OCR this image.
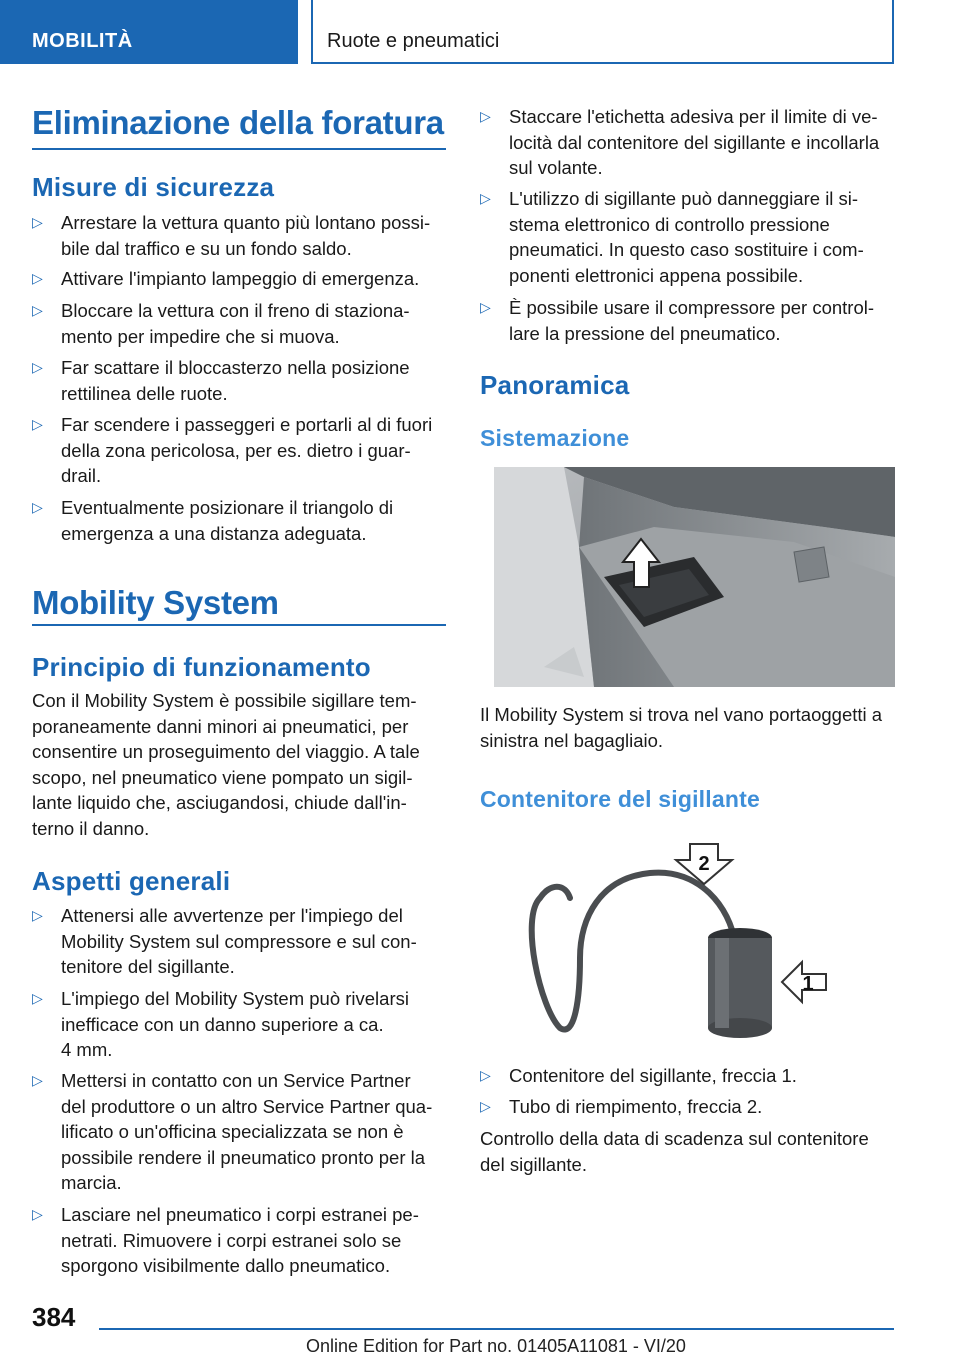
MOBILITÀ	Ruote e pneumatici
Eliminazione della foratura
Misure di sicurezza
▷ Arrestare la vettura quanto più lontano possi-
bile dal traffico e su un fondo saldo.
▷ Attivare l'impianto lampeggio di emergenza.
▷ Bloccare la vettura con il freno di staziona-
mento per impedire che si muova.
▷ Far scattare il bloccasterzo nella posizione
rettilinea delle ruote.
▷ Far scendere i passeggeri e portarli al di fuori
della zona pericolosa, per es. dietro i guar-
drail.
▷ Eventualmente posizionare il triangolo di
emergenza a una distanza adeguata.
Mobility System
Principio di funzionamento
Con il Mobility System è possibile sigillare tem-
poraneamente danni minori ai pneumatici, per
consentire un proseguimento del viaggio. A tale
scopo, nel pneumatico viene pompato un sigil-
lante liquido che, asciugandosi, chiude dall'in-
terno il danno.
Aspetti generali
▷ Attenersi alle avvertenze per l'impiego del
Mobility System sul compressore e sul con-
tenitore del sigillante.
▷ L'impiego del Mobility System può rivelarsi
inefficace con un danno superiore a ca.
4 mm.
▷ Mettersi in contatto con un Service Partner
del produttore o un altro Service Partner qua-
lificato o un'officina specializzata se non è
possibile rendere il pneumatico pronto per la
marcia.
▷ Lasciare nel pneumatico i corpi estranei pe-
netrati. Rimuovere i corpi estranei solo se
sporgono visibilmente dallo pneumatico.
▷ Staccare l'etichetta adesiva per il limite di ve-
locità dal contenitore del sigillante e incollarla
sul volante.
▷ L'utilizzo di sigillante può danneggiare il si-
stema elettronico di controllo pressione
pneumatici. In questo caso sostituire i com-
ponenti elettronici appena possibile.
▷ È possibile usare il compressore per control-
lare la pressione del pneumatico.
Panoramica
Sistemazione
Il Mobility System si trova nel vano portaoggetti a
sinistra nel bagagliaio.
Contenitore del sigillante
2
1
▷ Contenitore del sigillante, freccia 1.
▷ Tubo di riempimento, freccia 2.
Controllo della data di scadenza sul contenitore
del sigillante.
384
Online Edition for Part no. 01405A11081 - VI/20
